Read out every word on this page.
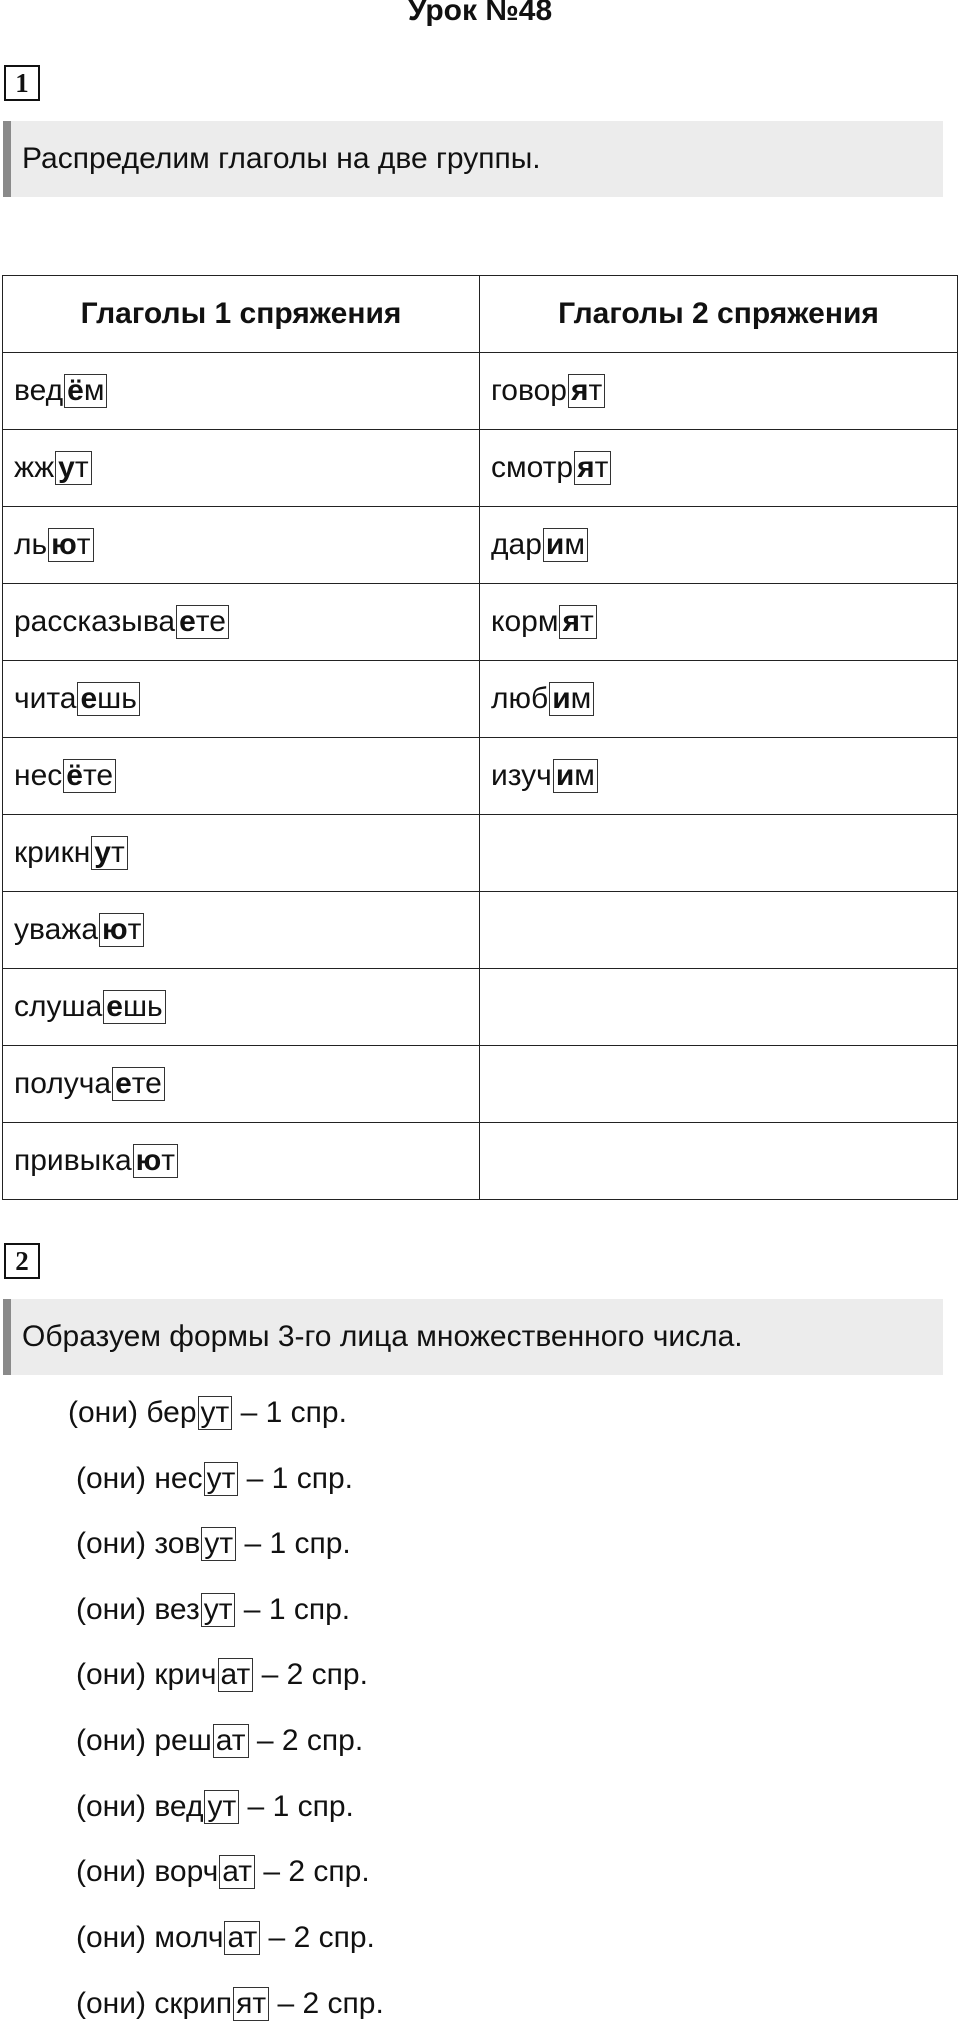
Урок №48
1
Распределим глаголы на две группы.
Глаголы 1 спряжения	Глаголы 2 спряжения
вед ём	говор ят
жж ут	смотр ят
ль ют	дар им
рассказыва ете	корм ят
чита ешь	люб им
нес ёте	изуч им
крикн ут	
уважа ют	
слуша ешь	
получа ете	
привыка ют	
2
Образуем формы 3-го лица множественного числа.
(они) бер ут – 1 спр.
(они) нес ут – 1 спр.
(они) зов ут – 1 спр.
(они) вез ут – 1 спр.
(они) крич ат – 2 спр.
(они) реш ат – 2 спр.
(они) вед ут – 1 спр.
(они) ворч ат – 2 спр.
(они) молч ат – 2 спр.
(они) скрип ят – 2 спр.
